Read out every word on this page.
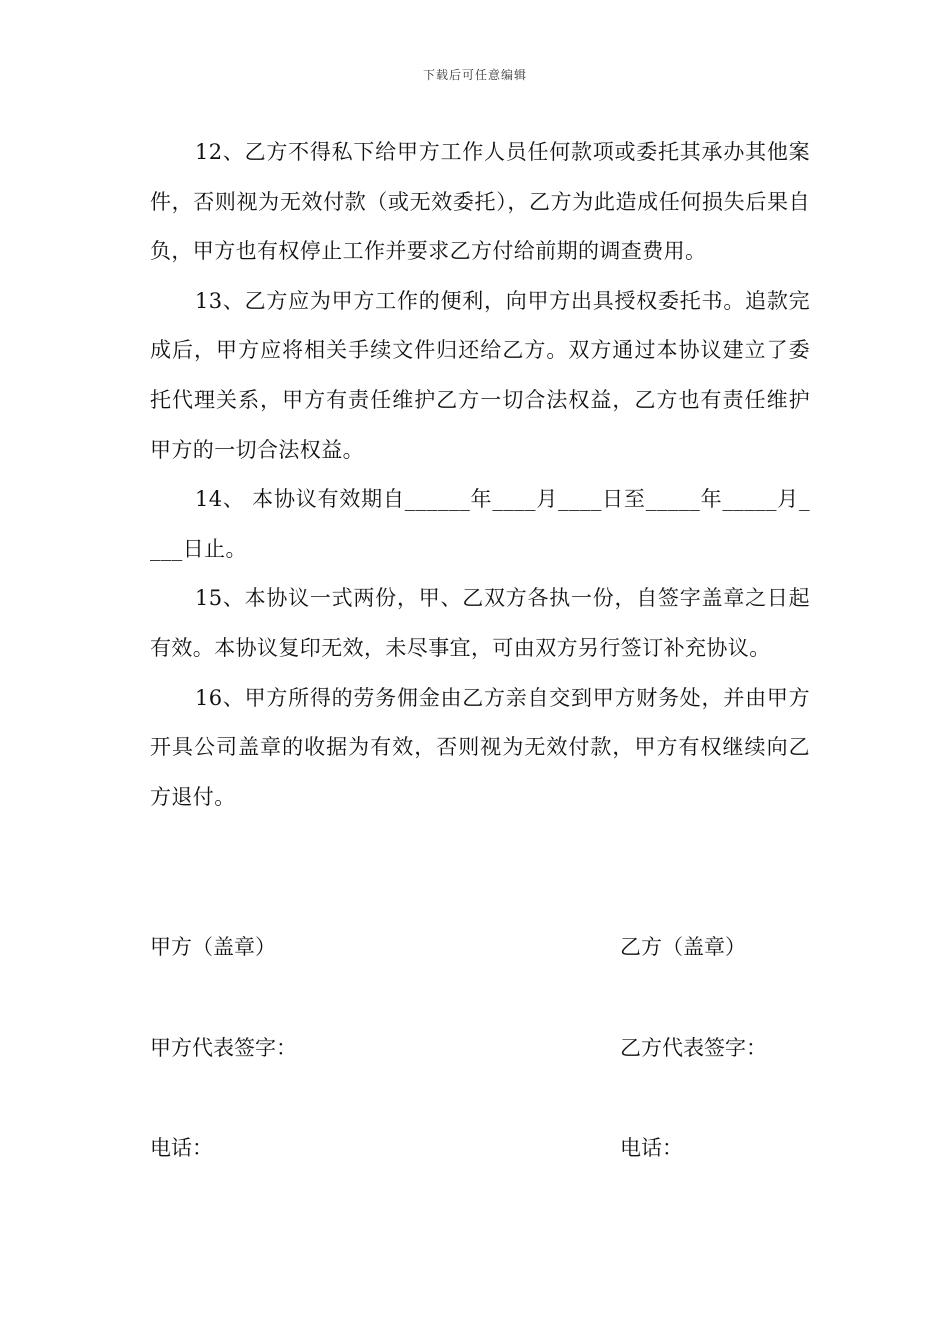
下载后可任意编辑

12、乙方不得私下给甲方工作人员任何款项或委托其承办其他案件，否则视为无效付款（或无效委托），乙方为此造成任何损失后果自负，甲方也有权停止工作并要求乙方付给前期的调查费用。

13、乙方应为甲方工作的便利，向甲方出具授权委托书。追款完成后，甲方应将相关手续文件归还给乙方。双方通过本协议建立了委托代理关系，甲方有责任维护乙方一切合法权益，乙方也有责任维护甲方的一切合法权益。

14、 本协议有效期自______年____月____日至_____年_____月____日止。

15、本协议一式两份，甲、乙双方各执一份，自签字盖章之日起有效。本协议复印无效，未尽事宜，可由双方另行签订补充协议。

16、甲方所得的劳务佣金由乙方亲自交到甲方财务处，并由甲方开具公司盖章的收据为有效，否则视为无效付款，甲方有权继续向乙方退付。

甲方（盖章）	乙方（盖章）
甲方代表签字：	乙方代表签字：
电话：	电话：
